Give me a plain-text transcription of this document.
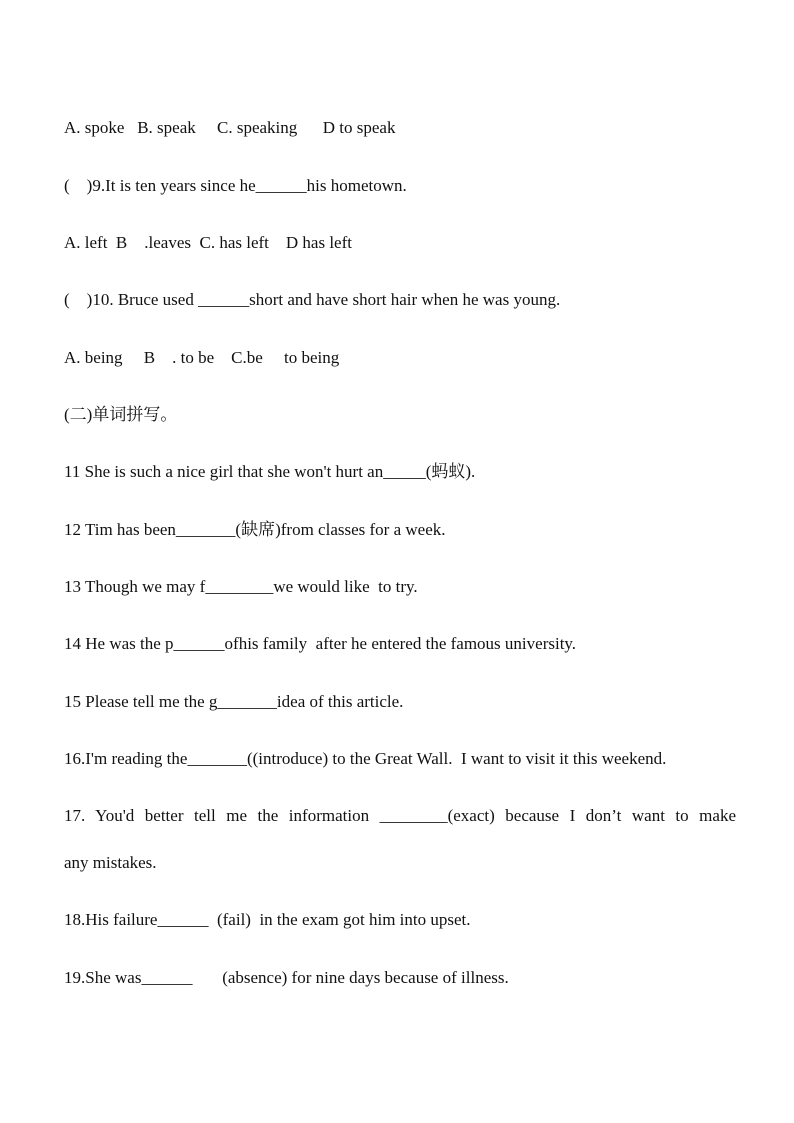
A. spoke   B. speak     C. speaking      D to speak

(    )9.It is ten years since he______his hometown.

A. left  B    .leaves  C. has left    D has left

(    )10. Bruce used ______short and have short hair when he was young.

A. being     B    . to be    C.be     to being

(二)单词拼写。

11 She is such a nice girl that she won't hurt an_____(蚂蚁).

12 Tim has been_______(缺席)from classes for a week.

13 Though we may f________we would like  to try.

14 He was the p______ofhis family  after he entered the famous university.

15 Please tell me the g_______idea of this article.

16.I'm reading the_______((introduce) to the Great Wall.  I want to visit it this weekend.

17. You'd better tell me the information ________(exact) because I don’t want to make

any mistakes.

18.His failure______  (fail)  in the exam got him into upset.

19.She was______       (absence) for nine days because of illness.
